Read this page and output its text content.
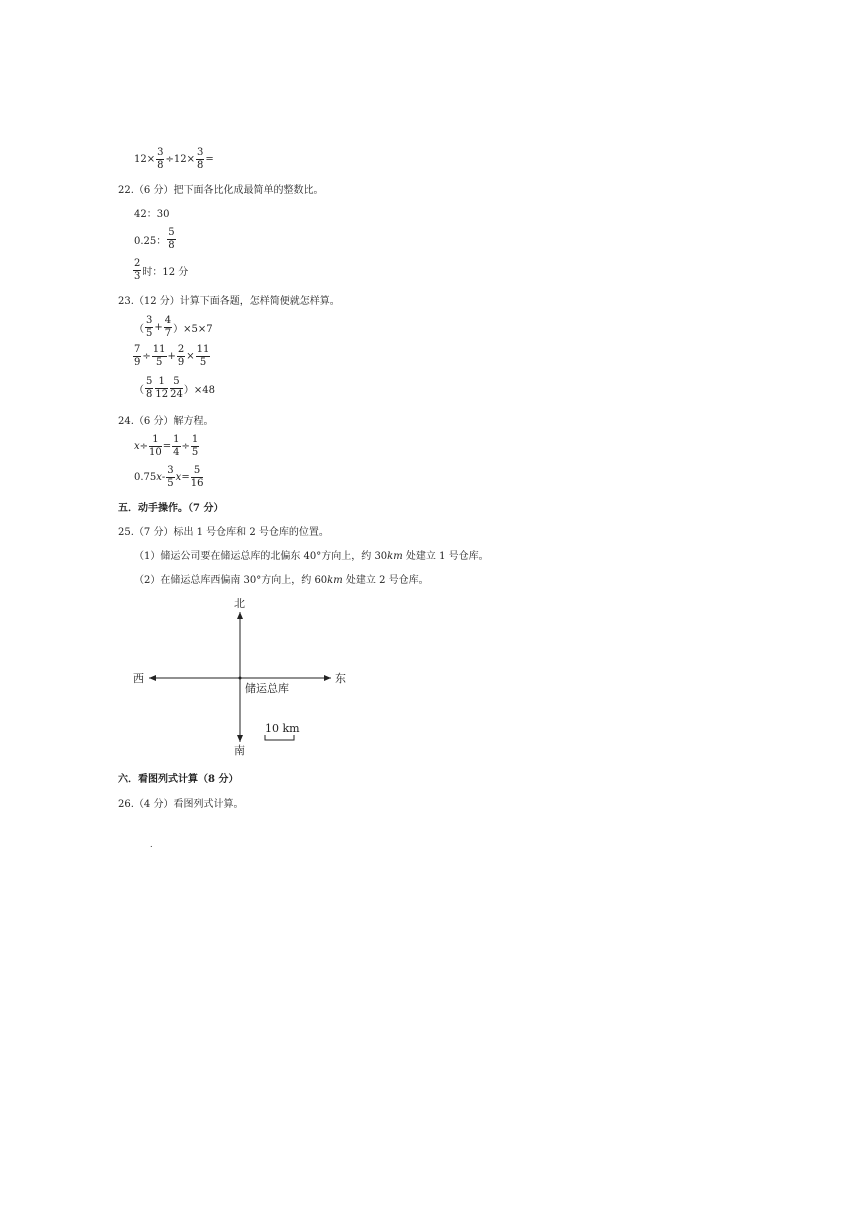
$12\times \frac{3}{8} \div 12\times \frac{3}{8}$ =
22.（6 分）把下面各比化成最简单的整数比。
42：30
0.25： $\frac{5}{8}$
$\frac{2}{3}$ 时：12 分
23.（12 分）计算下面各题，怎样简便就怎样算。
（ $\frac{3}{5} + \frac{4}{7} )\times 5\times 7$
$\frac{7}{9} \div \frac{11}{5} + \frac{2}{9} \times \frac{11}{5}$
（ $\frac{5}{8} \frac{1}{12} \frac{5}{24} )\times 48$
24.（6 分）解方程。
$x \div \frac{1}{10} = \frac{1}{4} \div \frac{1}{5}$
0.75 x - $\frac{3}{5}$ $x = \frac{5}{16}$
五．动手操作。（7 分）
25.（7 分）标出 1 号仓库和 2 号仓库的位置。
（1）储运公司要在储运总库的北偏东 40°方向上，约 30km 处建立 1 号仓库。
（2）在储运总库西偏南 30°方向上，约 60km 处建立 2 号仓库。
北
南
东
西
储运总库
10 km
六．看图列式计算（8 分）
26.（4 分）看图列式计算。
.
